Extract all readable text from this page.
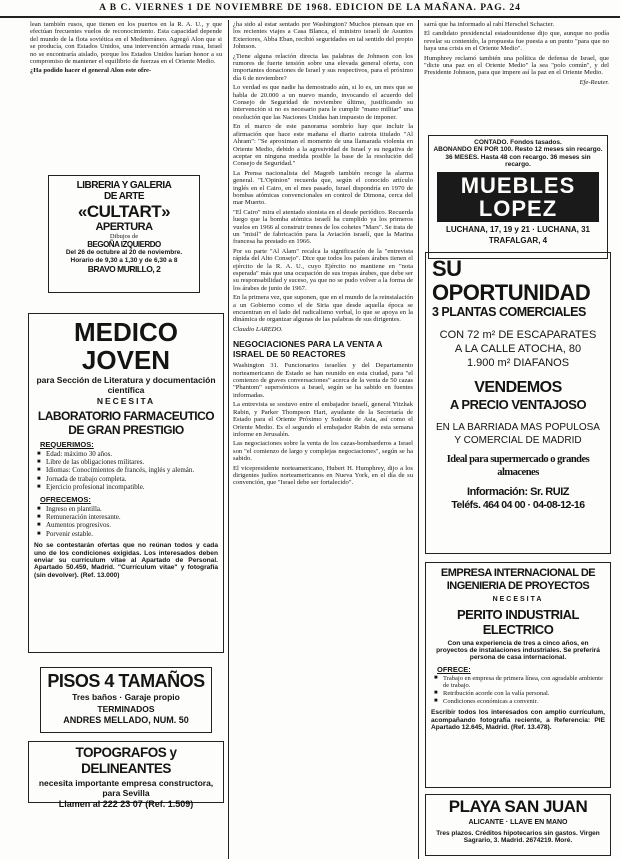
A B C. VIERNES 1 DE NOVIEMBRE DE 1968. EDICION DE LA MAÑANA. PAG. 24

lean también rusos, que tienen en los puertos en la R. A. U., y que efectúan frecuentes vuelos de reconocimiento. Esta capacidad depende del mundo de la flota soviética en el Mediterráneo. Agregó Alon que si se producía, con Estados Unidos, una intervención armada rusa, Israel no se encontraría aislado, porque los Estados Unidos harían honor a su compromiso de mantener el equilibrio de fuerzas en el Oriente Medio.

¿Ha podido hacer el general Alon este ofre-

LIBRERIA Y GALERIA
DE ARTE
«CULTART»
APERTURA
Dibujos de
BEGOÑA IZQUIERDO
Del 26 de octubre al 20 de noviembre. Horario de 9,30 a 1,30 y de 6,30 a 8
BRAVO MURILLO, 2
MEDICO JOVEN
para Sección de Literatura y documentación científica
NECESITA
LABORATORIO FARMACEUTICO DE GRAN PRESTIGIO
REQUERIMOS:
■ Edad: máximo 30 años.
■ Libre de las obligaciones militares.
■ Idiomas: Conocimientos de francés, inglés y alemán.
■ Jornada de trabajo completa.
■ Ejercicio profesional incompatible.
OFRECEMOS:
■ Ingreso en plantilla.
■ Remuneración interesante.
■ Aumentos progresivos.
■ Porvenir estable.

No se contestarán ofertas que no reúnan todos y cada uno de los condiciones exigidas. Los interesados deben enviar su currículum vitae al Apartado de Personal. Apartado 50.459, Madrid. "Currículum vitae" y fotografía (sin devolver). (Ref. 13.000)

PISOS 4 TAMAÑOS
Tres baños · Garaje propio
TERMINADOS
ANDRES MELLADO, NUM. 50
TOPOGRAFOS y DELINEANTES
necesita importante empresa constructora, para Sevilla
Llamen al 222 23 07 (Ref. 1.509)

¿ha sido al estar sentado por Washington? Muchos piensan que en los recientes viajes a Casa Blanca, el ministro israelí de Asuntos Exteriores, Abba Eban, recibió seguridades en tal sentido del propio Johnson.

¿Tiene alguna relación directa las palabras de Johnson con los rumores de fuerte tensión sobre una elevada general oferta, con importantes donaciones de Israel y sus respectivos, para el próximo día 6 de noviembre?

Lo verdad es que nadie ha demostrado aún, si lo es, un mes que se habla de 20.000 a un nuevo mando, invocando el acuerdo del Consejo de Seguridad de noviembre último, justificando su intervención si no es necesario para le cumplir "mano militar" una resolución que las Naciones Unidas han impuesto de imponer.

En el marco de este panorama sombrío hay que incluir la afirmación que hace este mañana el diario cairota titulado "Al Ahram": "Se aproximan el momento de una llamarada violenta en Oriente Medio, debido a la agresividad de Israel y su negativa de aceptar en ninguna medida posible la base de la resolución del Consejo de Seguridad."

La Prensa nacionalista del Magreb también recoge la alarma general. "L'Opinion" recuerda que, según el conocido artículo inglés en el Cairo, en el mes pasado, Israel dispondría en 1970 de bombas atómicas convencionales en control de Dimona, cerca del mar Muerto.

"El Cairo" mira el atentado sionista en el desde periódico. Recuerda luego que la bomba atómica israelí ha cumplido ya los primeros vuelos en 1966 al construir trenes de los cohetes "Mars". Se trata de un "misil" de fabricación para la Aviación israelí, que la Marina francesa ha prestado en 1966.

Por su parte "Al Alam" recalca la significación de la "entrevista rápida del Alto Consejo". Dice que todos los países árabes tienen el ejército de la R. A. U., cuyo Ejército no mantiene en "nota esperada" más que una ocupación de sus tropas árabes, que debe ser su responsabilidad y suceso, ya que no se pudo volver a la forma de los árabes de junio de 1967.

En la primera vez, que suponen, que en el mundo de la reinstalación a un Gobierno como el de Siria que desde aquella época se encuentran en el lado del radicalismo verbal, lo que se apoya en la dinámica de organizar algunas de las palabras de sus dirigentes.

Claudio LAREDO.

NEGOCIACIONES PARA LA VENTA A ISRAEL DE 50 REACTORES

Washington 31. Funcionarios israelíes y del Departamento norteamericano de Estado se han reunido en esta ciudad, para "el comienzo de graves conversaciones" acerca de la venta de 50 cazas "Phantom" supersónicos a Israel, según se ha sabido en fuentes informadas.

La entrevista se sostuvo entre el embajador israelí, general Yitzhak Rabin, y Parker Thompson Hart, ayudante de la Secretaría de Estado para el Oriente Próximo y Sudeste de Asia, así como el Oriente Medio. Es el segundo el embajador Rabin de esta semana informe en Jerusalén.

Las negociaciones sobre la venta de los cazas-bombarderos a Israel son "el comienzo de largo y complejas negociaciones", según se ha sabido.

El vicepresidente norteamericano, Hubert H. Humphrey, dijo a los dirigentes judíos norteamericanos en Nueva York, en el día de su convención, que "Israel debe ser fortalecido".

sarrá que ha informado al rabí Herschel Schacter.

El candidato presidencial estadounidense dijo que, aunque no podía revelar su contenido, la propuesta fue puesta a un punto "para que no haya una crisis en el Oriente Medio".

Humphrey reclamó también una política de defensa de Israel, que "dicte una paz en el Oriente Medio" la sea "polo común", y del Presidente Johnson, para que impere así la paz en el Oriente Medio.

Efe-Reuter.

CONTADO. Fondos tasados.
ABONANDO EN POR 100. Resto 12 meses sin recargo.
36 MESES. Hasta 48 con recargo. 36 meses sin recargo.
MUEBLES
LOPEZ
LUCHANA, 17, 19 y 21 · LUCHANA, 31
TRAFALGAR, 4
SU OPORTUNIDAD
3 PLANTAS COMERCIALES
CON 72 m² DE ESCAPARATES
A LA CALLE ATOCHA, 80
1.900 m² DIAFANOS
VENDEMOS
A PRECIO VENTAJOSO
EN LA BARRIADA MAS POPULOSA Y COMERCIAL DE MADRID
Ideal para supermercado o grandes almacenes
Información: Sr. RUIZ
Teléfs. 464 04 00 · 04-08-12-16
EMPRESA INTERNACIONAL DE INGENIERIA DE PROYECTOS
NECESITA
PERITO INDUSTRIAL ELECTRICO

Con una experiencia de tres a cinco años, en proyectos de instalaciones industriales. Se preferirá persona de casa internacional.

OFRECE:
■ Trabajo en empresa de primera línea, con agradable ambiente de trabajo.
■ Retribución acorde con la valía personal.
■ Condiciones económicas a convenir.

Escribir todos los interesados con amplio currículum, acompañando fotografía reciente, a Referencia: PIE Apartado 12.645, Madrid. (Ref. 13.478).

PLAYA SAN JUAN
ALICANTE · LLAVE EN MANO
Tres plazos. Créditos hipotecarios sin gastos. Virgen Sagrario, 3. Madrid. 2674219. Moré.
